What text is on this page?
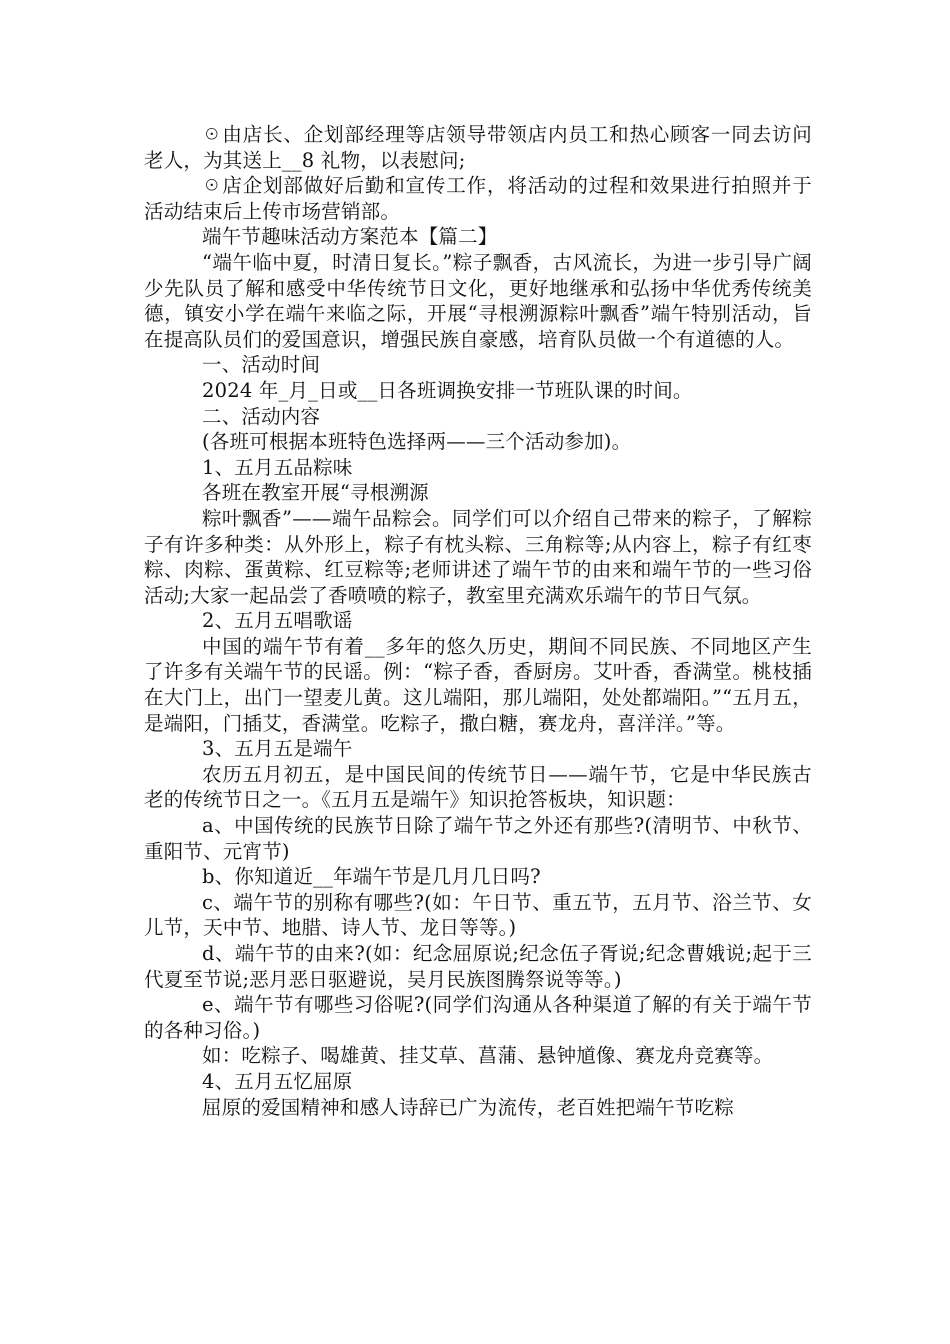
☉由店长、企划部经理等店领导带领店内员工和热心顾客一同去访问老人，为其送上__8 礼物，以表慰问;

☉店企划部做好后勤和宣传工作，将活动的过程和效果进行拍照并于活动结束后上传市场营销部。

端午节趣味活动方案范本【篇二】

“端午临中夏，时清日复长。”粽子飘香，古风流长，为进一步引导广阔少先队员了解和感受中华传统节日文化，更好地继承和弘扬中华优秀传统美德，镇安小学在端午来临之际，开展“寻根溯源粽叶飘香”端午特别活动，旨在提高队员们的爱国意识，增强民族自豪感，培育队员做一个有道德的人。

一、活动时间

2024 年_月_日或__日各班调换安排一节班队课的时间。

二、活动内容

(各班可根据本班特色选择两——三个活动参加)。

1、五月五品粽味

各班在教室开展“寻根溯源

粽叶飘香”——端午品粽会。同学们可以介绍自己带来的粽子，了解粽子有许多种类：从外形上，粽子有枕头粽、三角粽等;从内容上，粽子有红枣粽、肉粽、蛋黄粽、红豆粽等;老师讲述了端午节的由来和端午节的一些习俗活动;大家一起品尝了香喷喷的粽子，教室里充满欢乐端午的节日气氛。

2、五月五唱歌谣

中国的端午节有着__多年的悠久历史，期间不同民族、不同地区产生了许多有关端午节的民谣。例：“粽子香，香厨房。艾叶香，香满堂。桃枝插在大门上，出门一望麦儿黄。这儿端阳，那儿端阳，处处都端阳。”“五月五，是端阳，门插艾，香满堂。吃粽子，撒白糖，赛龙舟，喜洋洋。”等。

3、五月五是端午

农历五月初五，是中国民间的传统节日——端午节，它是中华民族古老的传统节日之一。《五月五是端午》知识抢答板块，知识题：

a、中国传统的民族节日除了端午节之外还有那些?(清明节、中秋节、重阳节、元宵节)

b、你知道近__年端午节是几月几日吗?

c、端午节的别称有哪些?(如：午日节、重五节，五月节、浴兰节、女儿节，天中节、地腊、诗人节、龙日等等。)

d、端午节的由来?(如：纪念屈原说;纪念伍子胥说;纪念曹娥说;起于三代夏至节说;恶月恶日驱避说，吴月民族图腾祭说等等。)

e、端午节有哪些习俗呢?(同学们沟通从各种渠道了解的有关于端午节的各种习俗。)

如：吃粽子、喝雄黄、挂艾草、菖蒲、悬钟馗像、赛龙舟竞赛等。

4、五月五忆屈原

屈原的爱国精神和感人诗辞已广为流传，老百姓把端午节吃粽
